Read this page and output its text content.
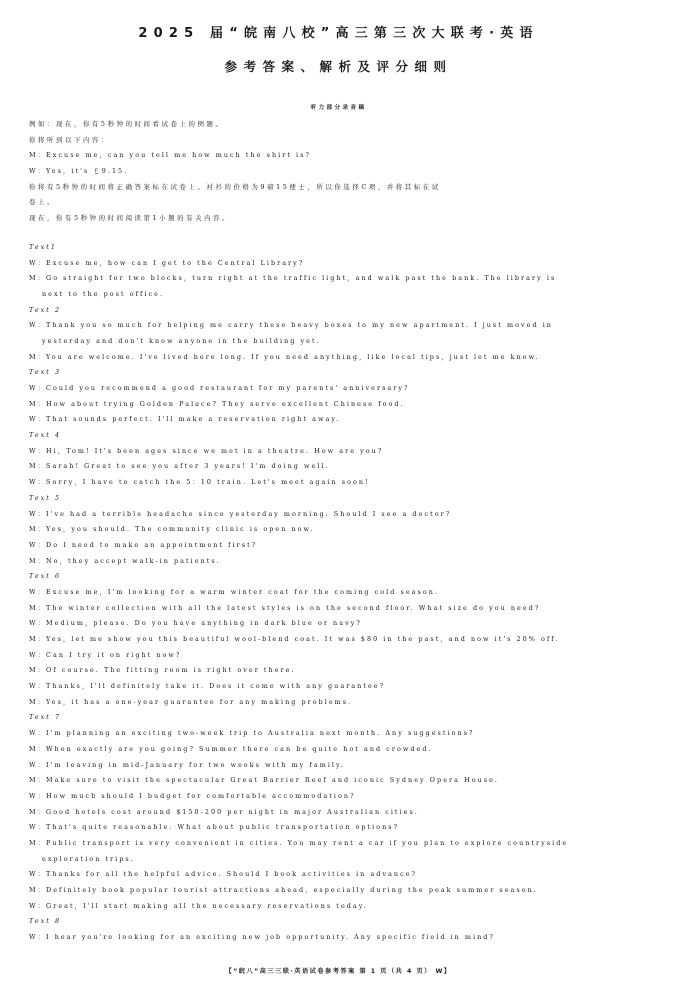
2025 届“皖南八校”高三第三次大联考·英语
参考答案、解析及评分细则
听力部分录音稿
例如：现在，你有5秒钟的时间看试卷上的例题。
你将听到以下内容：
M：Excuse me，can you tell me how much the shirt is?
W：Yes，it's ￡9.15.
你将有5秒钟的时间将正确答案标在试卷上。衬衫的价格为9磅15便士，所以你选择C项，并将其标在试
卷上。
现在，你有5秒钟的时间阅读第1小题的有关内容。
Text1
W：Excuse me，how can I get to the Central Library?
M：Go straight for two blocks，turn right at the traffic light，and walk past the bank. The library is
next to the post office.
Text 2
W：Thank you so much for helping me carry these heavy boxes to my new apartment. I just moved in
yesterday and don't know anyone in the building yet.
M：You are welcome. I've lived here long. If you need anything，like local tips，just let me know.
Text 3
W：Could you recommend a good restaurant for my parents' anniversary?
M：How about trying Golden Palace? They serve excellent Chinese food.
W：That sounds perfect. I'll make a reservation right away.
Text 4
W：Hi，Tom! It's been ages since we met in a theatre. How are you?
M：Sarah! Great to see you after 3 years! I'm doing well.
W：Sorry，I have to catch the 5：10 train. Let's meet again soon!
Text 5
W：I've had a terrible headache since yesterday morning. Should I see a doctor?
M：Yes，you should. The community clinic is open now.
W：Do I need to make an appointment first?
M：No，they accept walk-in patients.
Text 6
W：Excuse me，I'm looking for a warm winter coat for the coming cold season.
M：The winter collection with all the latest styles is on the second floor. What size do you need?
W：Medium，please. Do you have anything in dark blue or navy?
M：Yes，let me show you this beautiful wool-blend coat. It was $80 in the past，and now it's 20% off.
W：Can I try it on right now?
M：Of course. The fitting room is right over there.
W：Thanks，I'll definitely take it. Does it come with any guarantee?
M：Yes，it has a one-year guarantee for any making problems.
Text 7
W：I'm planning an exciting two-week trip to Australia next month. Any suggestions?
M：When exactly are you going? Summer there can be quite hot and crowded.
W：I'm leaving in mid-January for two weeks with my family.
M：Make sure to visit the spectacular Great Barrier Reef and iconic Sydney Opera House.
W：How much should I budget for comfortable accommodation?
M：Good hotels cost around $150-200 per night in major Australian cities.
W：That's quite reasonable. What about public transportation options?
M：Public transport is very convenient in cities. You may rent a car if you plan to explore countryside
exploration trips.
W：Thanks for all the helpful advice. Should I book activities in advance?
M：Definitely book popular tourist attractions ahead，especially during the peak summer season.
W：Great，I'll start making all the necessary reservations today.
Text 8
W：I hear you're looking for an exciting new job opportunity. Any specific field in mind?
【“皖八”高三三联·英语试卷参考答案 第 1 页（共 4 页） W】
